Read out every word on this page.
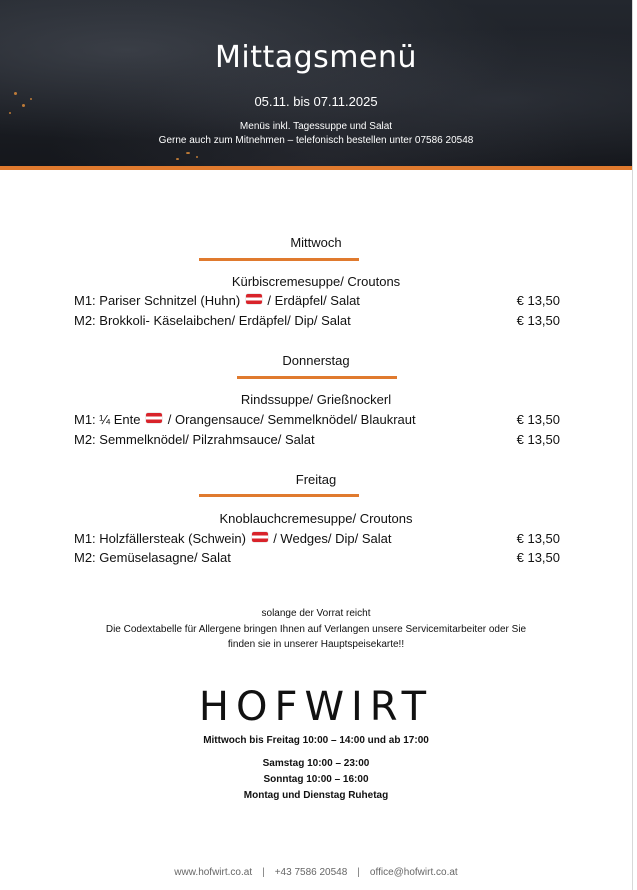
Mittagsmenü
05.11. bis 07.11.2025
Menüs inkl. Tagessuppe und Salat
Gerne auch zum Mitnehmen – telefonisch bestellen unter 07586 20548
Mittwoch
Kürbiscremesuppe/ Croutons
M1: Pariser Schnitzel (Huhn) / Erdäpfel/ Salat	€ 13,50
M2: Brokkoli- Käselaibchen/ Erdäpfel/ Dip/ Salat	€ 13,50
Donnerstag
Rindssuppe/ Grießnockerl
M1: ¼ Ente / Orangensauce/ Semmelknödel/ Blaukraut	€ 13,50
M2: Semmelknödel/ Pilzrahmsauce/ Salat	€ 13,50
Freitag
Knoblauchcremesuppe/ Croutons
M1: Holzfällersteak (Schwein) / Wedges/ Dip/ Salat	€ 13,50
M2: Gemüselasagne/ Salat	€ 13,50
solange der Vorrat reicht
Die Codextabelle für Allergene bringen Ihnen auf Verlangen unsere Servicemitarbeiter oder Sie
finden sie in unserer Hauptspeisekarte!!
HOFWIRT
Mittwoch bis Freitag 10:00 – 14:00 und ab 17:00
Samstag 10:00 – 23:00
Sonntag 10:00 – 16:00
Montag und Dienstag Ruhetag
www.hofwirt.co.at | +43 7586 20548 | office@hofwirt.co.at
